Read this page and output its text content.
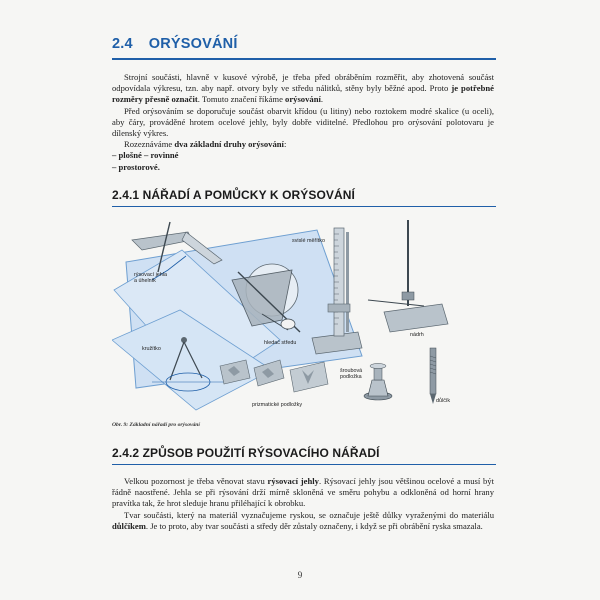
2.4 ORÝSOVÁNÍ

Strojní součásti, hlavně v kusové výrobě, je třeba před obráběním rozměřit, aby zhotovená součást odpovídala výkresu, tzn. aby např. otvory byly ve středu nálitků, stěny byly běžné apod. Proto je potřebné rozměry přesně označit. Tomuto značení říkáme orýsování.

Před orýsováním se doporučuje součást obarvit křídou (u litiny) nebo roztokem modré skalice (u oceli), aby čáry, prováděné hrotem ocelové jehly, byly dobře viditelné. Předlohou pro orýsování polotovaru je dílenský výkres.

Rozeznáváme dva základní druhy orýsování:

– plošné – rovinné
– prostorové.
2.4.1 NÁŘADÍ A POMŮCKY K ORÝSOVÁNÍ
rýsovací jehla
a úhelník
kružítko
hledač středu
svislé měřítko
nádrh
šroubová
podložka
prizmatické podložky
důlčík
Obr. 9: Základní nářadí pro orýsování
2.4.2 ZPŮSOB POUŽITÍ RÝSOVACÍHO NÁŘADÍ

Velkou pozornost je třeba věnovat stavu rýsovací jehly. Rýsovací jehly jsou většinou ocelové a musí být řádně naostřené. Jehla se při rýsování drží mírně skloněná ve směru pohybu a odkloněná od horní hrany pravítka tak, že hrot sleduje hranu přiléhající k obrobku.

Tvar součásti, který na materiál vyznačujeme ryskou, se označuje ještě důlky vyraženými do materiálu důlčíkem. Je to proto, aby tvar součásti a středy děr zůstaly označeny, i když se při obrábění ryska smazala.

9
